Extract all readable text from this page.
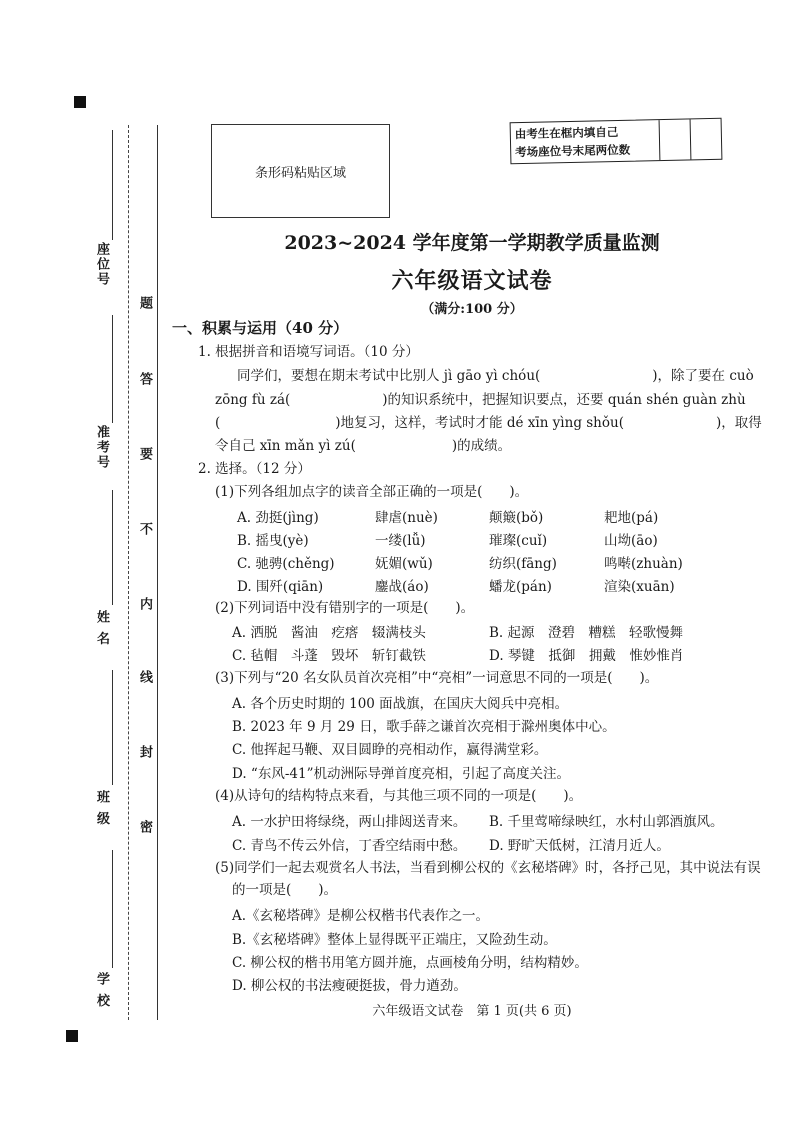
座位号
准考号
姓 名
班 级
学 校
题
答
要
不
内
线
封
密
条形码粘贴区域
由考生在框内填自己
考场座位号末尾两位数
2023~2024 学年度第一学期教学质量监测
六年级语文试卷
（满分:100 分）
一、积累与运用（40 分）
1. 根据拼音和语境写词语。（10 分）
同学们，要想在期末考试中比别人 jì gāo yì chóu(	)，除了要在 cuò
zōng fù zá(	)的知识系统中，把握知识要点，还要 quán shén guàn zhù
(	)地复习，这样，考试时才能 dé xīn yìng shǒu(	)，取得
令自己 xīn mǎn yì zú(	)的成绩。
2. 选择。（12 分）
(1)下列各组加点字的读音全部正确的一项是(　　)。
A. 劲挺(jìng)	肆虐(nuè)	颠簸(bǒ)	耙地(pá)
B. 摇曳(yè)	一缕(lǚ)	璀璨(cuǐ)	山坳(āo)
C. 驰骋(chěng)	妩媚(wǔ)	纺织(fāng)	鸣啭(zhuàn)
D. 围歼(qiān)	鏖战(áo)	蟠龙(pán)	渲染(xuān)
(2)下列词语中没有错别字的一项是(　　)。
A. 洒脱　酱油　疙瘩　辍满枝头	B. 起源　澄碧　糟糕　轻歌慢舞
C. 毡帽　斗蓬　毁坏　斩钉截铁	D. 琴键　抵御　拥戴　惟妙惟肖
(3)下列与“20 名女队员首次亮相”中“亮相”一词意思不同的一项是(　　)。
A. 各个历史时期的 100 面战旗，在国庆大阅兵中亮相。
B. 2023 年 9 月 29 日，歌手薛之谦首次亮相于滁州奥体中心。
C. 他挥起马鞭、双目圆睁的亮相动作，赢得满堂彩。
D. “东风-41”机动洲际导弹首度亮相，引起了高度关注。
(4)从诗句的结构特点来看，与其他三项不同的一项是(　　)。
A. 一水护田将绿绕，两山排闼送青来。 B. 千里莺啼绿映红，水村山郭酒旗风。
C. 青鸟不传云外信，丁香空结雨中愁。 D. 野旷天低树，江清月近人。
(5)同学们一起去观赏名人书法，当看到柳公权的《玄秘塔碑》时，各抒己见，其中说法有误
的一项是(　　)。
A.《玄秘塔碑》是柳公权楷书代表作之一。
B.《玄秘塔碑》整体上显得既平正端庄，又险劲生动。
C. 柳公权的楷书用笔方圆并施，点画棱角分明，结构精妙。
D. 柳公权的书法瘦硬挺拔，骨力遒劲。
六年级语文试卷　第 1 页(共 6 页)
